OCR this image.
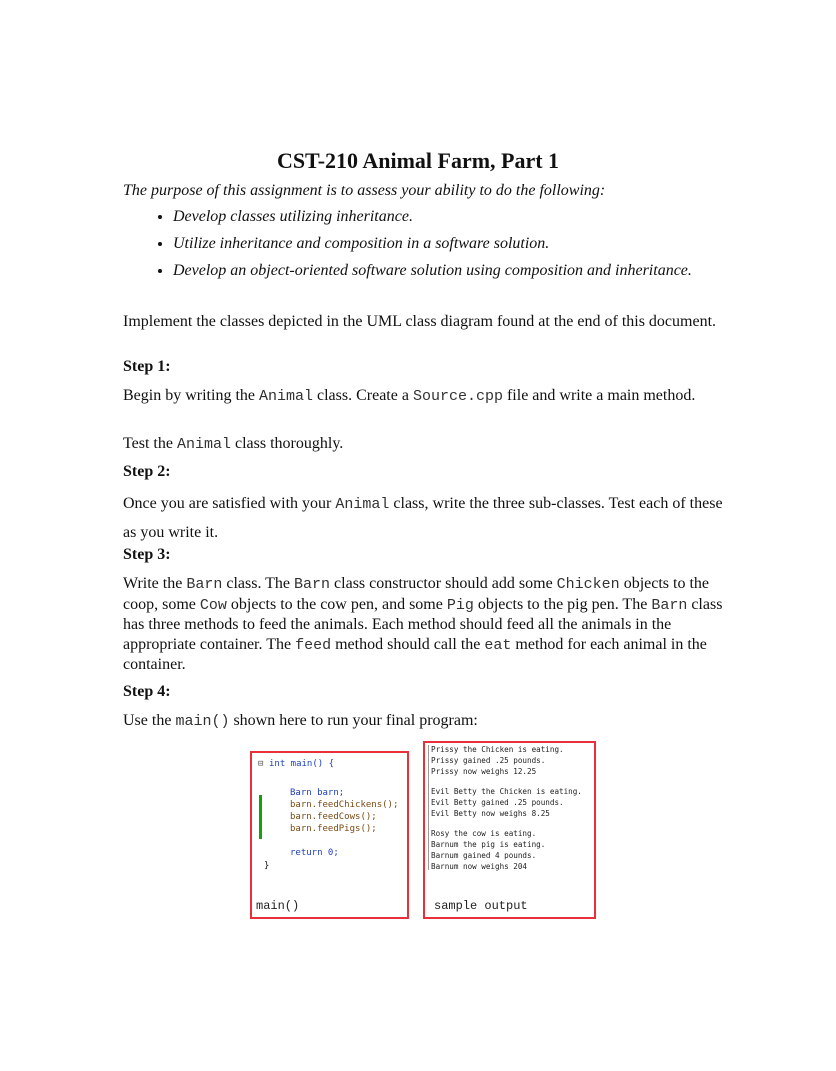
CST-210 Animal Farm, Part 1
The purpose of this assignment is to assess your ability to do the following:
• Develop classes utilizing inheritance.
• Utilize inheritance and composition in a software solution.
• Develop an object-oriented software solution using composition and inheritance.
Implement the classes depicted in the UML class diagram found at the end of this document.
Step 1:
Begin by writing the Animal class. Create a Source.cpp file and write a main method.
Test the Animal class thoroughly.
Step 2:
Once you are satisfied with your Animal class, write the three sub-classes. Test each of these as you write it.
Step 3:
Write the Barn class. The Barn class constructor should add some Chicken objects to the coop, some Cow objects to the cow pen, and some Pig objects to the pig pen. The Barn class has three methods to feed the animals. Each method should feed all the animals in the appropriate container. The feed method should call the eat method for each animal in the container.
Step 4:
Use the main() shown here to run your final program:
⊟ int main() {
Barn barn;
barn.feedChickens();
barn.feedCows();
barn.feedPigs();
return 0;
}
main()
Prissy the Chicken is eating.
Prissy gained .25 pounds.
Prissy now weighs 12.25
Evil Betty the Chicken is eating.
Evil Betty gained .25 pounds.
Evil Betty now weighs 8.25
Rosy the cow is eating.
Barnum the pig is eating.
Barnum gained 4 pounds.
Barnum now weighs 204
sample output
